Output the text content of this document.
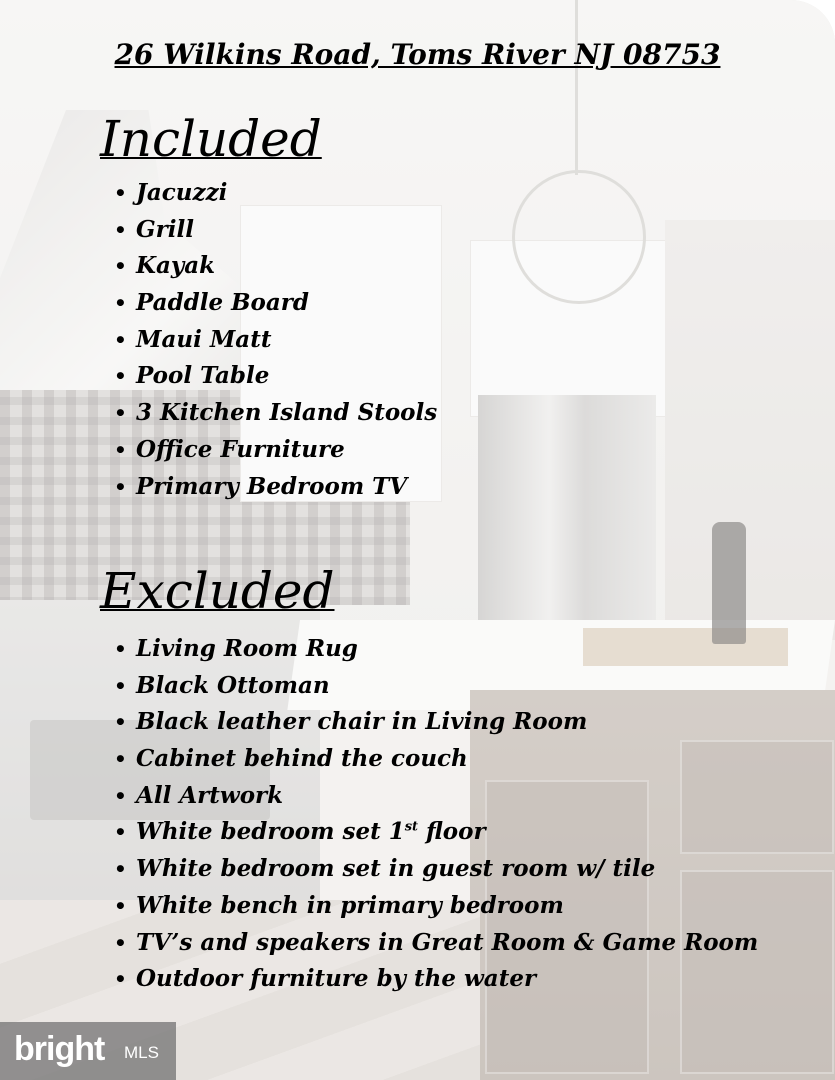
26 Wilkins Road, Toms River NJ 08753
Included
• Jacuzzi
• Grill
• Kayak
• Paddle Board
• Maui Matt
• Pool Table
• 3 Kitchen Island Stools
• Office Furniture
• Primary Bedroom TV
Excluded
• Living Room Rug
• Black Ottoman
• Black leather chair in Living Room
• Cabinet behind the couch
• All Artwork
• White bedroom set 1st floor
• White bedroom set in guest room w/ tile
• White bench in primary bedroom
• TV’s and speakers in Great Room & Game Room
• Outdoor furniture by the water
bright MLS
